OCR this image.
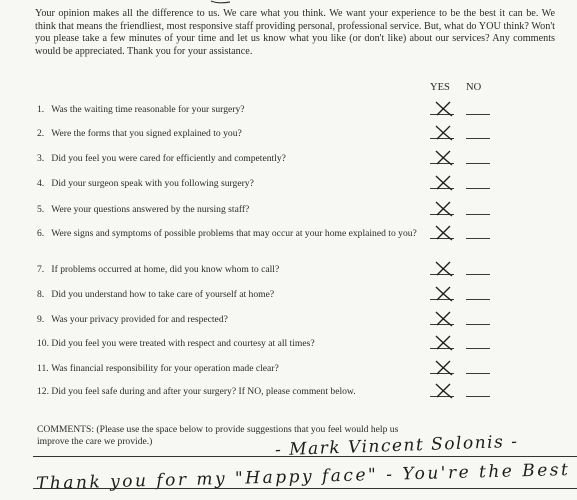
Your opinion makes all the difference to us. We care what you think. We want your experience to be the best it can be. We think that means the friendliest, most responsive staff providing personal, professional service. But, what do YOU think? Won't you please take a few minutes of your time and let us know what you like (or don't like) about our services? Any comments would be appreciated. Thank you for your assistance.
YES NO
1. Was the waiting time reasonable for your surgery?
2. Were the forms that you signed explained to you?
3. Did you feel you were cared for efficiently and competently?
4. Did your surgeon speak with you following surgery?
5. Were your questions answered by the nursing staff?
6. Were signs and symptoms of possible problems that may occur at your home explained to you?
7. If problems occurred at home, did you know whom to call?
8. Did you understand how to take care of yourself at home?
9. Was your privacy provided for and respected?
10. Did you feel you were treated with respect and courtesy at all times?
11. Was financial responsibility for your operation made clear?
12. Did you feel safe during and after your surgery? If NO, please comment below.
COMMENTS: (Please use the space below to provide suggestions that you feel would help us improve the care we provide.)	- Mark Vincent Solonis -
Thank you for my "Happy face" - You're the Best
